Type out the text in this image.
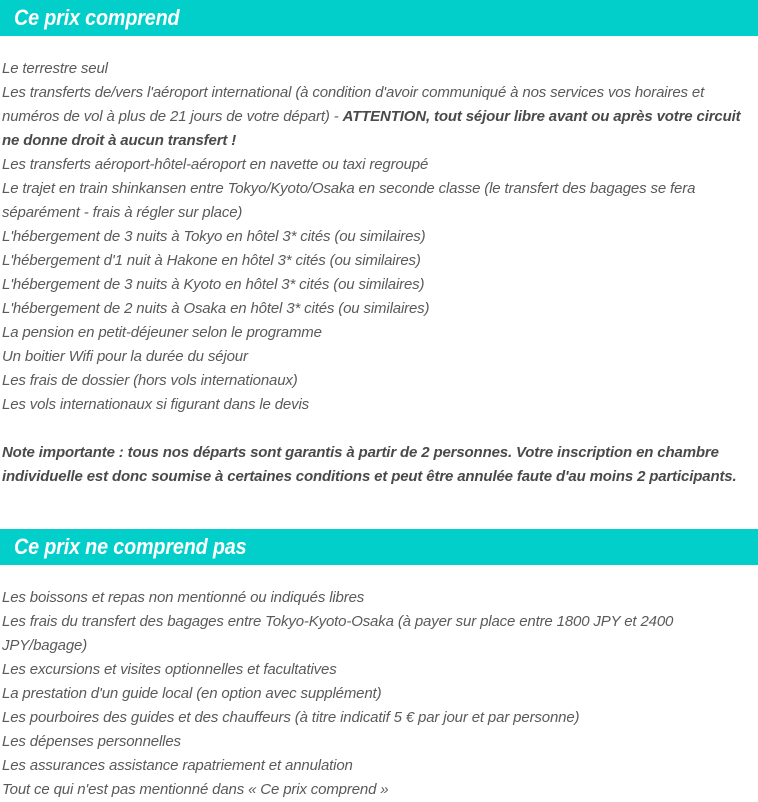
Ce prix comprend
Le terrestre seul
Les transferts de/vers l'aéroport international (à condition d'avoir communiqué à nos services vos horaires et numéros de vol à plus de 21 jours de votre départ) - ATTENTION, tout séjour libre avant ou après votre circuit ne donne droit à aucun transfert !
Les transferts aéroport-hôtel-aéroport en navette ou taxi regroupé
Le trajet en train shinkansen entre Tokyo/Kyoto/Osaka en seconde classe (le transfert des bagages se fera séparément - frais à régler sur place)
L'hébergement de 3 nuits à Tokyo en hôtel 3* cités (ou similaires)
L'hébergement d'1 nuit à Hakone en hôtel 3* cités (ou similaires)
L'hébergement de 3 nuits à Kyoto en hôtel 3* cités (ou similaires)
L'hébergement de 2 nuits à Osaka en hôtel 3* cités (ou similaires)
La pension en petit-déjeuner selon le programme
Un boitier Wifi pour la durée du séjour
Les frais de dossier (hors vols internationaux)
Les vols internationaux si figurant dans le devis
Note importante : tous nos départs sont garantis à partir de 2 personnes. Votre inscription en chambre individuelle est donc soumise à certaines conditions et peut être annulée faute d'au moins 2 participants.
Ce prix ne comprend pas
Les boissons et repas non mentionné ou indiqués libres
Les frais du transfert des bagages entre Tokyo-Kyoto-Osaka (à payer sur place entre 1800 JPY et 2400 JPY/bagage)
Les excursions et visites optionnelles et facultatives
La prestation d'un guide local (en option avec supplément)
Les pourboires des guides et des chauffeurs (à titre indicatif 5 € par jour et par personne)
Les dépenses personnelles
Les assurances assistance rapatriement et annulation
Tout ce qui n'est pas mentionné dans « Ce prix comprend »
